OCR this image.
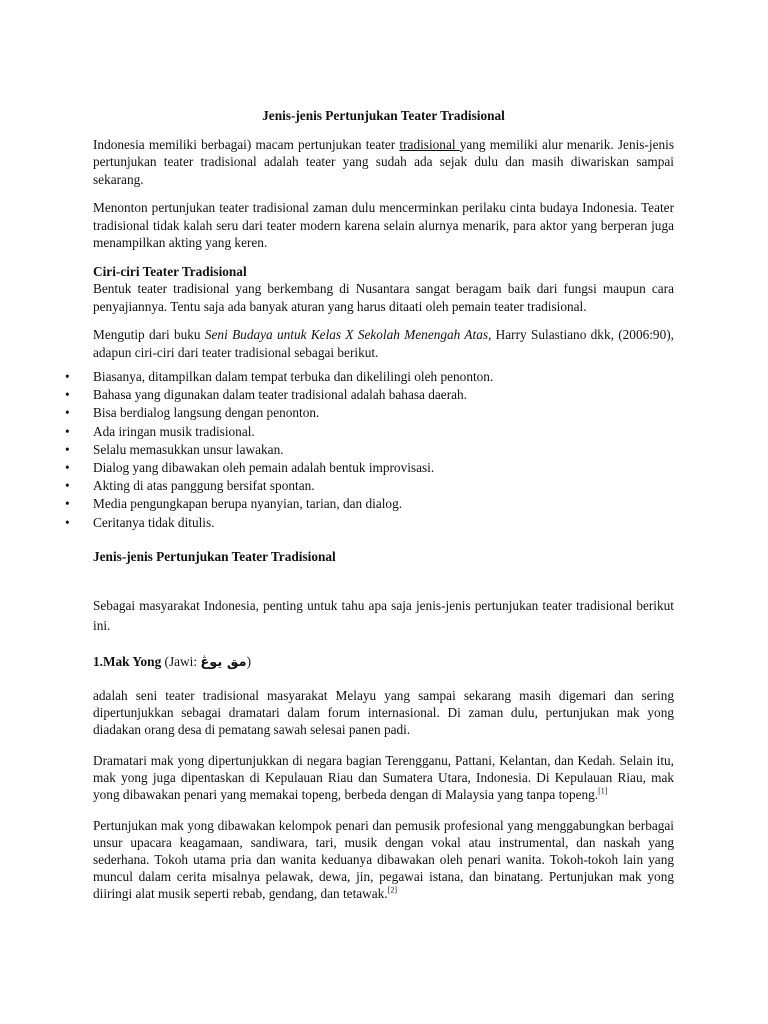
Jenis-jenis Pertunjukan Teater Tradisional

Indonesia memiliki berbagai) macam pertunjukan teater tradisional yang memiliki alur menarik. Jenis-jenis pertunjukan teater tradisional adalah teater yang sudah ada sejak dulu dan masih diwariskan sampai sekarang.

Menonton pertunjukan teater tradisional zaman dulu mencerminkan perilaku cinta budaya Indonesia. Teater tradisional tidak kalah seru dari teater modern karena selain alurnya menarik, para aktor yang berperan juga menampilkan akting yang keren.

Ciri-ciri Teater Tradisional

Bentuk teater tradisional yang berkembang di Nusantara sangat beragam baik dari fungsi maupun cara penyajiannya. Tentu saja ada banyak aturan yang harus ditaati oleh pemain teater tradisional.

Mengutip dari buku Seni Budaya untuk Kelas X Sekolah Menengah Atas, Harry Sulastiano dkk, (2006:90), adapun ciri-ciri dari teater tradisional sebagai berikut.

• Biasanya, ditampilkan dalam tempat terbuka dan dikelilingi oleh penonton.
• Bahasa yang digunakan dalam teater tradisional adalah bahasa daerah.
• Bisa berdialog langsung dengan penonton.
• Ada iringan musik tradisional.
• Selalu memasukkan unsur lawakan.
• Dialog yang dibawakan oleh pemain adalah bentuk improvisasi.
• Akting di atas panggung bersifat spontan.
• Media pengungkapan berupa nyanyian, tarian, dan dialog.
• Ceritanya tidak ditulis.
Jenis-jenis Pertunjukan Teater Tradisional

Sebagai masyarakat Indonesia, penting untuk tahu apa saja jenis-jenis pertunjukan teater tradisional berikut ini.

1.Mak Yong (Jawi: مق يوڠ)

adalah seni teater tradisional masyarakat Melayu yang sampai sekarang masih digemari dan sering dipertunjukkan sebagai dramatari dalam forum internasional. Di zaman dulu, pertunjukan mak yong diadakan orang desa di pematang sawah selesai panen padi.

Dramatari mak yong dipertunjukkan di negara bagian Terengganu, Pattani, Kelantan, dan Kedah. Selain itu, mak yong juga dipentaskan di Kepulauan Riau dan Sumatera Utara, Indonesia. Di Kepulauan Riau, mak yong dibawakan penari yang memakai topeng, berbeda dengan di Malaysia yang tanpa topeng.[1]

Pertunjukan mak yong dibawakan kelompok penari dan pemusik profesional yang menggabungkan berbagai unsur upacara keagamaan, sandiwara, tari, musik dengan vokal atau instrumental, dan naskah yang sederhana. Tokoh utama pria dan wanita keduanya dibawakan oleh penari wanita. Tokoh-tokoh lain yang muncul dalam cerita misalnya pelawak, dewa, jin, pegawai istana, dan binatang. Pertunjukan mak yong diiringi alat musik seperti rebab, gendang, dan tetawak.[2]
